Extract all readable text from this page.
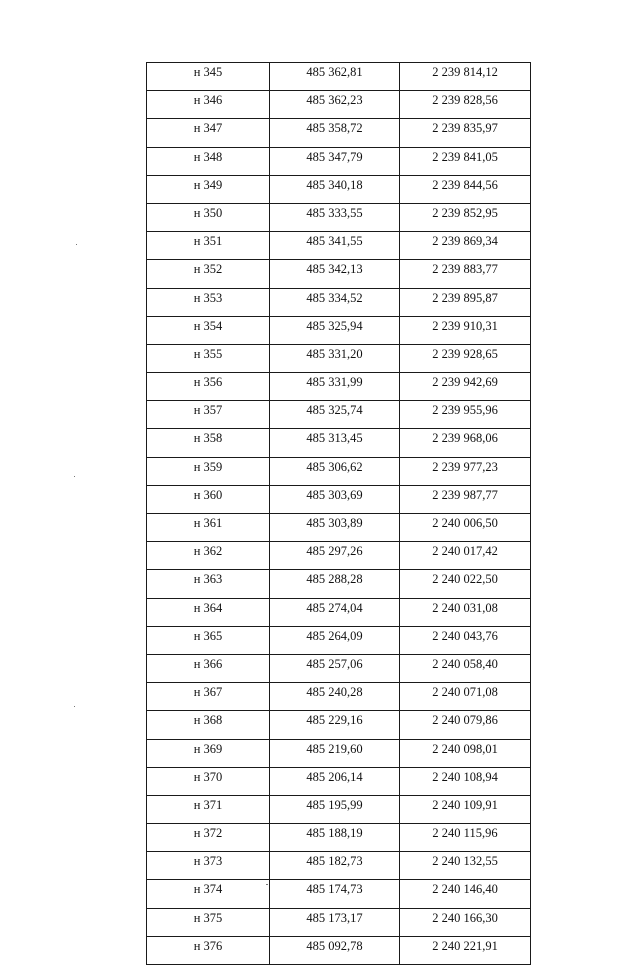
н 345	485 362,81	2 239 814,12
н 346	485 362,23	2 239 828,56
н 347	485 358,72	2 239 835,97
н 348	485 347,79	2 239 841,05
н 349	485 340,18	2 239 844,56
н 350	485 333,55	2 239 852,95
н 351	485 341,55	2 239 869,34
н 352	485 342,13	2 239 883,77
н 353	485 334,52	2 239 895,87
н 354	485 325,94	2 239 910,31
н 355	485 331,20	2 239 928,65
н 356	485 331,99	2 239 942,69
н 357	485 325,74	2 239 955,96
н 358	485 313,45	2 239 968,06
н 359	485 306,62	2 239 977,23
н 360	485 303,69	2 239 987,77
н 361	485 303,89	2 240 006,50
н 362	485 297,26	2 240 017,42
н 363	485 288,28	2 240 022,50
н 364	485 274,04	2 240 031,08
н 365	485 264,09	2 240 043,76
н 366	485 257,06	2 240 058,40
н 367	485 240,28	2 240 071,08
н 368	485 229,16	2 240 079,86
н 369	485 219,60	2 240 098,01
н 370	485 206,14	2 240 108,94
н 371	485 195,99	2 240 109,91
н 372	485 188,19	2 240 115,96
н 373	485 182,73	2 240 132,55
н 374	485 174,73	2 240 146,40
н 375	485 173,17	2 240 166,30
н 376	485 092,78	2 240 221,91
